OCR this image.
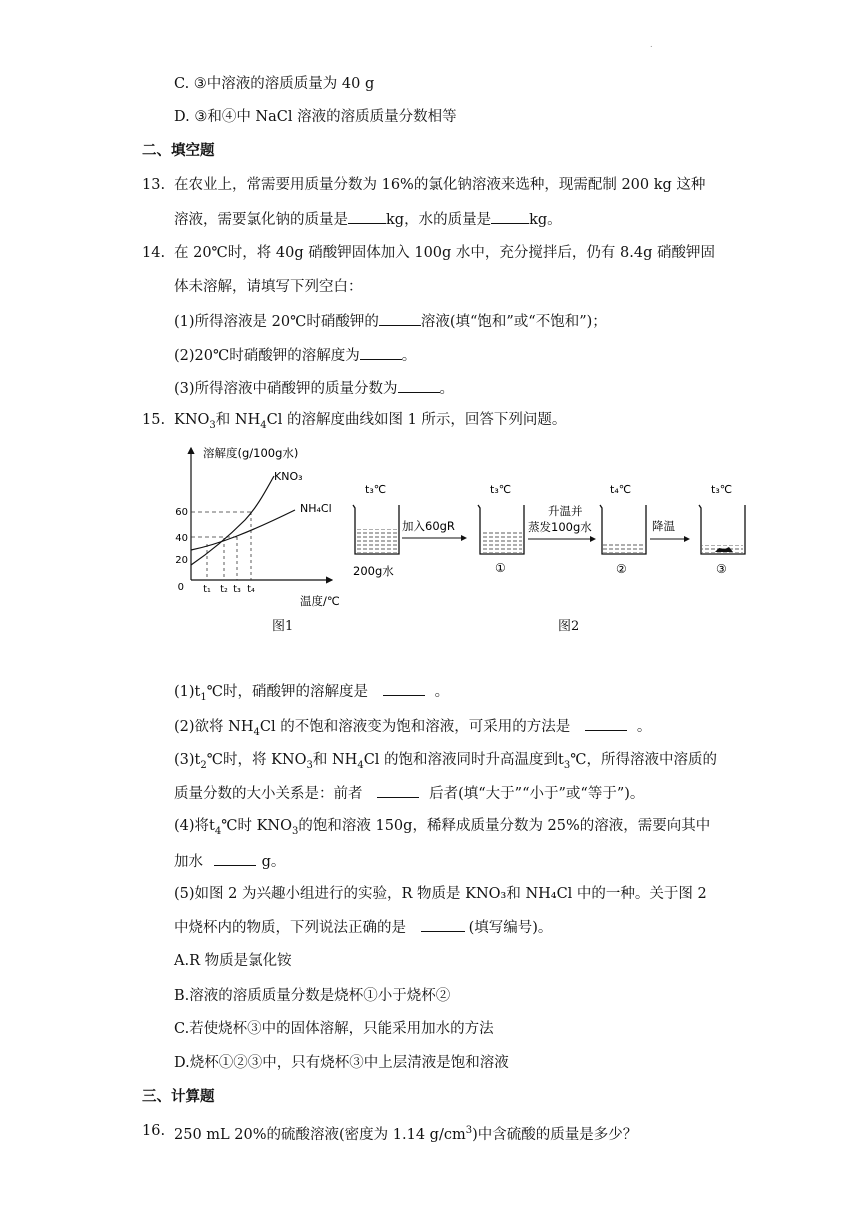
.
C. ③中溶液的溶质质量为 40 g
D. ③和④中 NaCl 溶液的溶质质量分数相等
二、填空题
13. 在农业上，常需要用质量分数为 16%的氯化钠溶液来选种，现需配制 200 kg 这种
溶液，需要氯化钠的质量是	kg，水的质量是	kg。
14. 在 20℃时，将 40g 硝酸钾固体加入 100g 水中，充分搅拌后，仍有 8.4g 硝酸钾固
体未溶解，请填写下列空白：
(1)所得溶液是 20℃时硝酸钾的	溶液(填“饱和”或“不饱和”)；
(2)20℃时硝酸钾的溶解度为	。
(3)所得溶液中硝酸钾的质量分数为	。
15. $KNO_3$和 $NH_4Cl$ 的溶解度曲线如图 1 所示，回答下列问题。
溶解度(g/100g水)
0
60
40
20
KNO₃
NH₄Cl
t₁ t₂ t₃ t₄
温度/℃
图1
t₃℃
200g水
加入60gR
t₃℃
①
升温并
蒸发100g水
t₄℃
②
降温
t₃℃
③
图2
$(1)t_1℃$时，硝酸钾的溶解度是	。
(2)欲将 $NH_4Cl$ 的不饱和溶液变为饱和溶液，可采用的方法是	。
$(3)t_2℃$时，将 $KNO_3$和 $NH_4Cl$ 的饱和溶液同时升高温度到$t_3℃$，所得溶液中溶质的
质量分数的大小关系是：前者	后者(填“大于”“小于”或“等于”)。
(4)将$t_4℃$时 $KNO_3$的饱和溶液 150g，稀释成质量分数为 25%的溶液，需要向其中
加水	g。
(5)如图 2 为兴趣小组进行的实验，R 物质是 KNO₃和 NH₄Cl 中的一种。关于图 2
中烧杯内的物质，下列说法正确的是	(填写编号)。
A.R 物质是氯化铵
B.溶液的溶质质量分数是烧杯①小于烧杯②
C.若使烧杯③中的固体溶解，只能采用加水的方法
D.烧杯①②③中，只有烧杯③中上层清液是饱和溶液
三、计算题
16. 250 mL 20%的硫酸溶液(密度为 1.14 $g/cm^3$)中含硫酸的质量是多少？
